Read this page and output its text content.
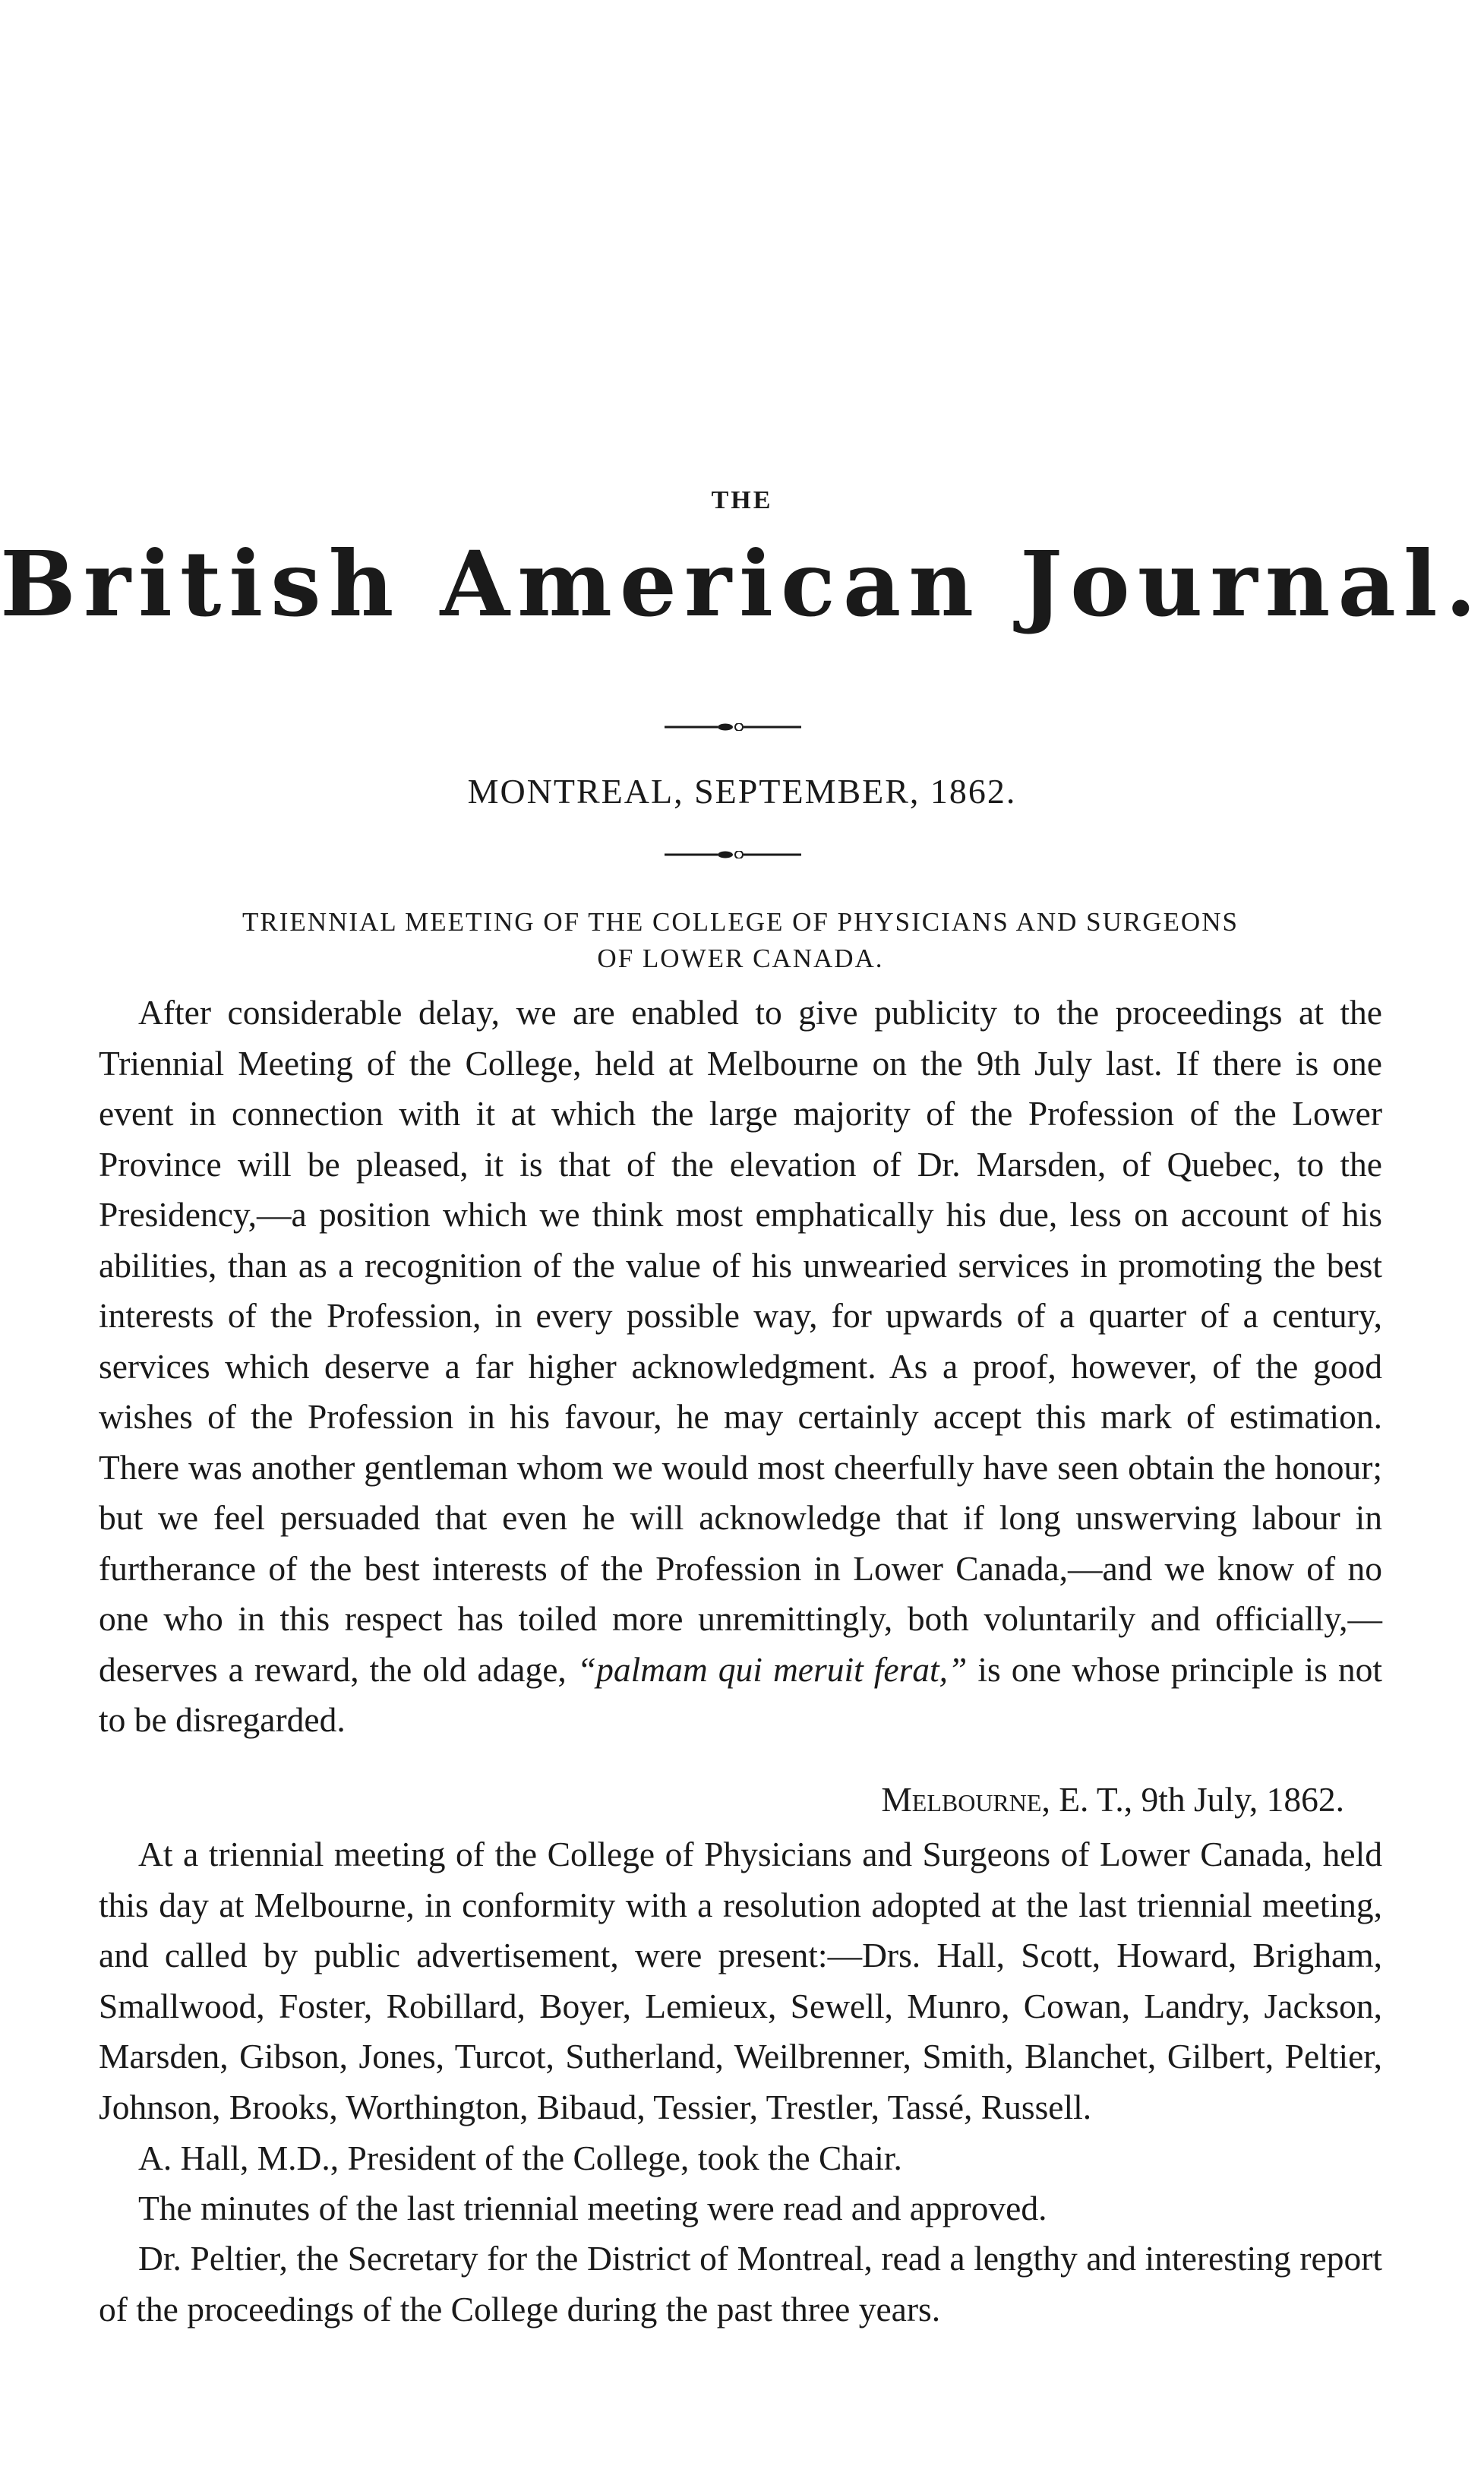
THE
British American Journal.
MONTREAL, SEPTEMBER, 1862.
TRIENNIAL MEETING OF THE COLLEGE OF PHYSICIANS AND SURGEONS
OF LOWER CANADA.

After considerable delay, we are enabled to give publicity to the proceedings at the Triennial Meeting of the College, held at Melbourne on the 9th July last. If there is one event in connection with it at which the large majority of the Profession of the Lower Province will be pleased, it is that of the elevation of Dr. Marsden, of Quebec, to the Presidency,—a position which we think most emphatically his due, less on account of his abilities, than as a recognition of the value of his unwearied services in promoting the best interests of the Profession, in every possible way, for upwards of a quarter of a century, services which deserve a far higher acknowledgment. As a proof, however, of the good wishes of the Profession in his favour, he may certainly accept this mark of estimation. There was another gentleman whom we would most cheerfully have seen obtain the honour; but we feel persuaded that even he will acknowledge that if long unswerving labour in furtherance of the best interests of the Profession in Lower Canada,—and we know of no one who in this respect has toiled more unremittingly, both voluntarily and officially,—deserves a reward, the old adage, “palmam qui meruit ferat,” is one whose principle is not to be disregarded.

Melbourne, E. T., 9th July, 1862.

At a triennial meeting of the College of Physicians and Surgeons of Lower Canada, held this day at Melbourne, in conformity with a resolution adopted at the last triennial meeting, and called by public advertisement, were present:—Drs. Hall, Scott, Howard, Brigham, Smallwood, Foster, Robillard, Boyer, Lemieux, Sewell, Munro, Cowan, Landry, Jackson, Marsden, Gibson, Jones, Turcot, Sutherland, Weilbrenner, Smith, Blanchet, Gilbert, Peltier, Johnson, Brooks, Worthington, Bibaud, Tessier, Trestler, Tassé, Russell.

A. Hall, M.D., President of the College, took the Chair.

The minutes of the last triennial meeting were read and approved.

Dr. Peltier, the Secretary for the District of Montreal, read a lengthy and interesting report of the proceedings of the College during the past three years.
